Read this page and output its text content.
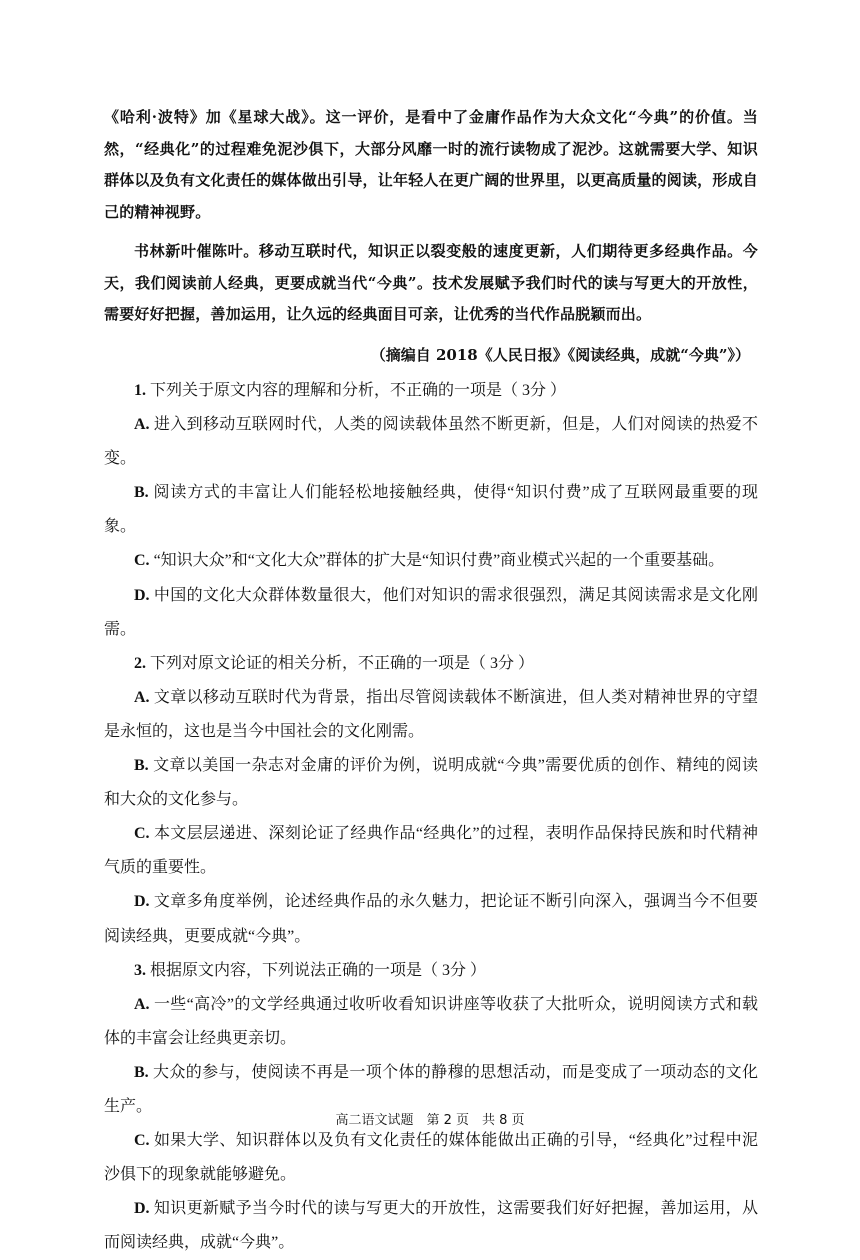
《哈利·波特》加《星球大战》。这一评价，是看中了金庸作品作为大众文化“今典”的价值。当然，“经典化”的过程难免泥沙俱下，大部分风靡一时的流行读物成了泥沙。这就需要大学、知识群体以及负有文化责任的媒体做出引导，让年轻人在更广阔的世界里，以更高质量的阅读，形成自己的精神视野。

书林新叶催陈叶。移动互联时代，知识正以裂变般的速度更新，人们期待更多经典作品。今天，我们阅读前人经典，更要成就当代“今典”。技术发展赋予我们时代的读与写更大的开放性，需要好好把握，善加运用，让久远的经典面目可亲，让优秀的当代作品脱颖而出。

（摘编自 2018《人民日报》《阅读经典，成就“今典”》）

1. 下列关于原文内容的理解和分析，不正确的一项是（ 3分 ）

A. 进入到移动互联网时代，人类的阅读载体虽然不断更新，但是，人们对阅读的热爱不变。

B. 阅读方式的丰富让人们能轻松地接触经典，使得“知识付费”成了互联网最重要的现象。

C. “知识大众”和“文化大众”群体的扩大是“知识付费”商业模式兴起的一个重要基础。

D. 中国的文化大众群体数量很大，他们对知识的需求很强烈，满足其阅读需求是文化刚需。

2. 下列对原文论证的相关分析，不正确的一项是（ 3分 ）

A. 文章以移动互联时代为背景，指出尽管阅读载体不断演进，但人类对精神世界的守望是永恒的，这也是当今中国社会的文化刚需。

B. 文章以美国一杂志对金庸的评价为例，说明成就“今典”需要优质的创作、精纯的阅读和大众的文化参与。

C. 本文层层递进、深刻论证了经典作品“经典化”的过程，表明作品保持民族和时代精神气质的重要性。

D. 文章多角度举例，论述经典作品的永久魅力，把论证不断引向深入，强调当今不但要阅读经典，更要成就“今典”。

3. 根据原文内容，下列说法正确的一项是（ 3分 ）

A. 一些“高冷”的文学经典通过收听收看知识讲座等收获了大批听众，说明阅读方式和载体的丰富会让经典更亲切。

B. 大众的参与，使阅读不再是一项个体的静穆的思想活动，而是变成了一项动态的文化生产。

C. 如果大学、知识群体以及负有文化责任的媒体能做出正确的引导，“经典化”过程中泥沙俱下的现象就能够避免。

D. 知识更新赋予当今时代的读与写更大的开放性，这需要我们好好把握，善加运用，从而阅读经典，成就“今典”。

高二语文试题　第 2 页　共 8 页
